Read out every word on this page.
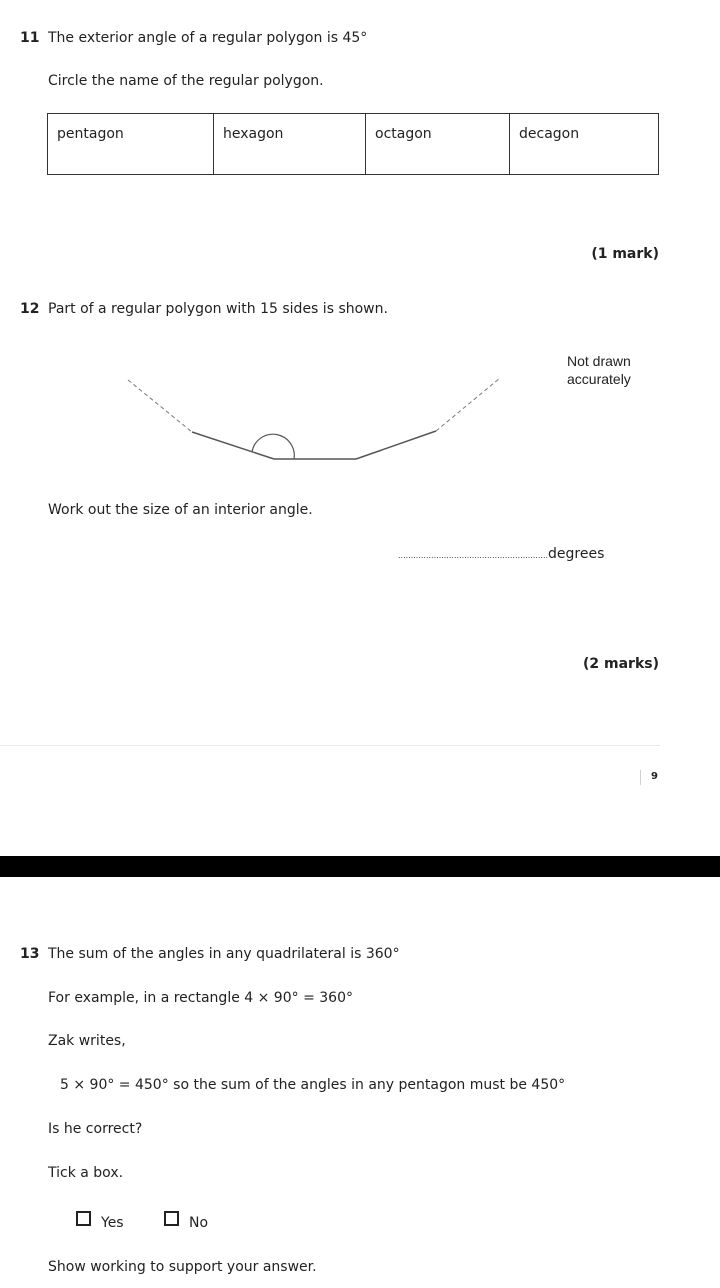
11 The exterior angle of a regular polygon is 45°
Circle the name of the regular polygon.
pentagon	hexagon	octagon	decagon
(1 mark)
12 Part of a regular polygon with 15 sides is shown.
Not drawn
accurately
Work out the size of an interior angle.
........................................................... degrees
(2 marks)
9
13 The sum of the angles in any quadrilateral is 360°
For example, in a rectangle 4 × 90° = 360°
Zak writes,
5 × 90° = 450° so the sum of the angles in any pentagon must be 450°
Is he correct?
Tick a box.
Yes	No
Show working to support your answer.
